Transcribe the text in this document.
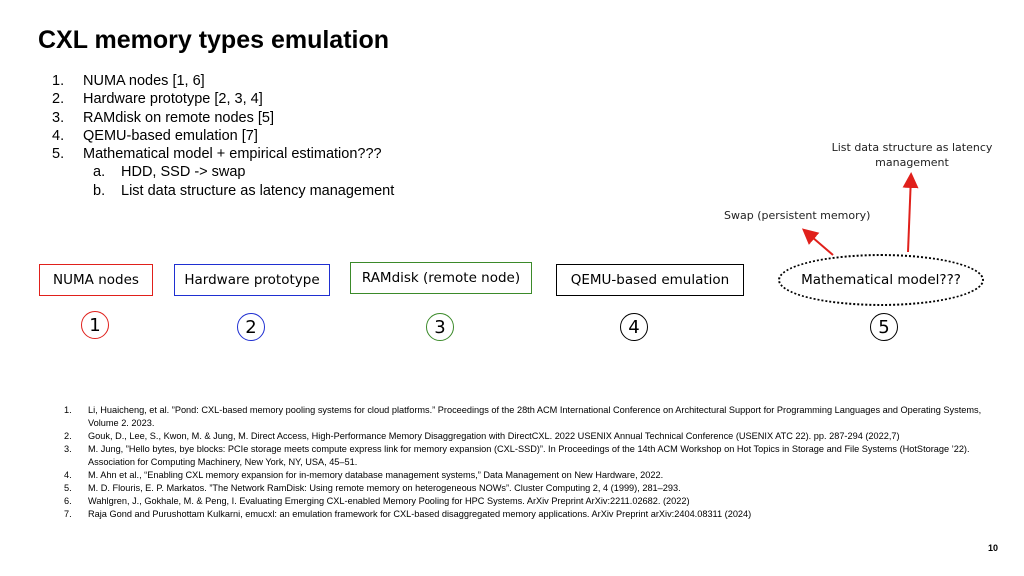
CXL memory types emulation
1. NUMA nodes [1, 6]
2. Hardware prototype [2, 3, 4]
3. RAMdisk on remote nodes [5]
4. QEMU-based emulation [7]
5. Mathematical model + empirical estimation???
a. HDD, SSD -> swap
b. List data structure as latency management
List data structure as latency management
Swap (persistent memory)
NUMA nodes	Hardware prototype	RAMdisk (remote node)	QEMU-based emulation	Mathematical model???
1	2	3	4	5
1. Li, Huaicheng, et al. ”Pond: CXL-based memory pooling systems for cloud platforms.” Proceedings of the 28th ACM International Conference on Architectural Support for Programming Languages and Operating Systems, Volume 2. 2023.
2. Gouk, D., Lee, S., Kwon, M. & Jung, M. Direct Access, High-Performance Memory Disaggregation with DirectCXL. 2022 USENIX Annual Technical Conference (USENIX ATC 22). pp. 287-294 (2022,7)
3. M. Jung, ”Hello bytes, bye blocks: PCIe storage meets compute express link for memory expansion (CXL-SSD)”. In Proceedings of the 14th ACM Workshop on Hot Topics in Storage and File Systems (HotStorage ’22). Association for Computing Machinery, New York, NY, USA, 45–51.
4. M. Ahn et al., “Enabling CXL memory expansion for in-memory database management systems,” Data Management on New Hardware, 2022.
5. M. D. Flouris, E. P. Markatos. ”The Network RamDisk: Using remote memory on heterogeneous NOWs”. Cluster Computing 2, 4 (1999), 281–293.
6. Wahlgren, J., Gokhale, M. & Peng, I. Evaluating Emerging CXL-enabled Memory Pooling for HPC Systems. ArXiv Preprint ArXiv:2211.02682. (2022)
7. Raja Gond and Purushottam Kulkarni, emucxl: an emulation framework for CXL-based disaggregated memory applications. ArXiv Preprint arXiv:2404.08311 (2024)
10
